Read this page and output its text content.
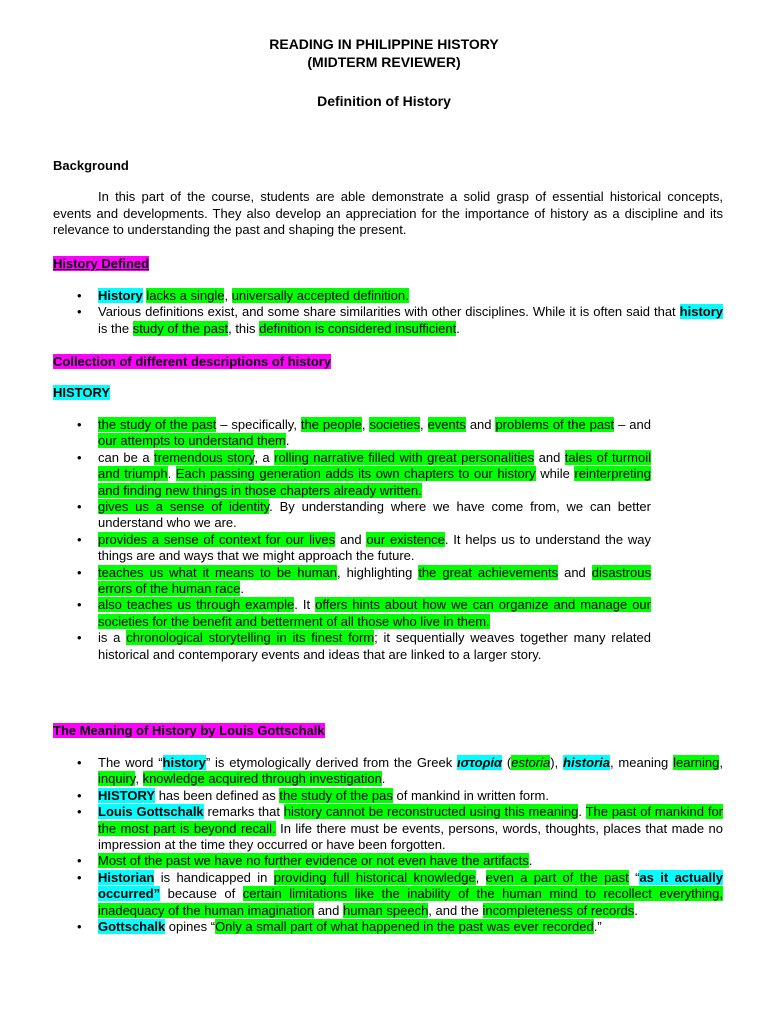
READING IN PHILIPPINE HISTORY
(MIDTERM REVIEWER)
Definition of History
Background

In this part of the course, students are able demonstrate a solid grasp of essential historical concepts, events and developments. They also develop an appreciation for the importance of history as a discipline and its relevance to understanding the past and shaping the present.

History Defined
• History lacks a single, universally accepted definition.
• Various definitions exist, and some share similarities with other disciplines. While it is often said that history is the study of the past, this definition is considered insufficient.
Collection of different descriptions of history
HISTORY
• the study of the past – specifically, the people, societies, events and problems of the past – and our attempts to understand them.
• can be a tremendous story, a rolling narrative filled with great personalities and tales of turmoil and triumph. Each passing generation adds its own chapters to our history while reinterpreting and finding new things in those chapters already written.
• gives us a sense of identity. By understanding where we have come from, we can better understand who we are.
• provides a sense of context for our lives and our existence. It helps us to understand the way things are and ways that we might approach the future.
• teaches us what it means to be human, highlighting the great achievements and disastrous errors of the human race.
• also teaches us through example. It offers hints about how we can organize and manage our societies for the benefit and betterment of all those who live in them.
• is a chronological storytelling in its finest form; it sequentially weaves together many related historical and contemporary events and ideas that are linked to a larger story.
The Meaning of History by Louis Gottschalk
• The word “history” is etymologically derived from the Greek ιστορία (estoria), historia, meaning learning, inquiry, knowledge acquired through investigation.
• HISTORY has been defined as the study of the pas of mankind in written form.
• Louis Gottschalk remarks that history cannot be reconstructed using this meaning. The past of mankind for the most part is beyond recall. In life there must be events, persons, words, thoughts, places that made no impression at the time they occurred or have been forgotten.
• Most of the past we have no further evidence or not even have the artifacts.
• Historian is handicapped in providing full historical knowledge, even a part of the past “as it actually occurred” because of certain limitations like the inability of the human mind to recollect everything, inadequacy of the human imagination and human speech, and the incompleteness of records.
• Gottschalk opines “Only a small part of what happened in the past was ever recorded.”
